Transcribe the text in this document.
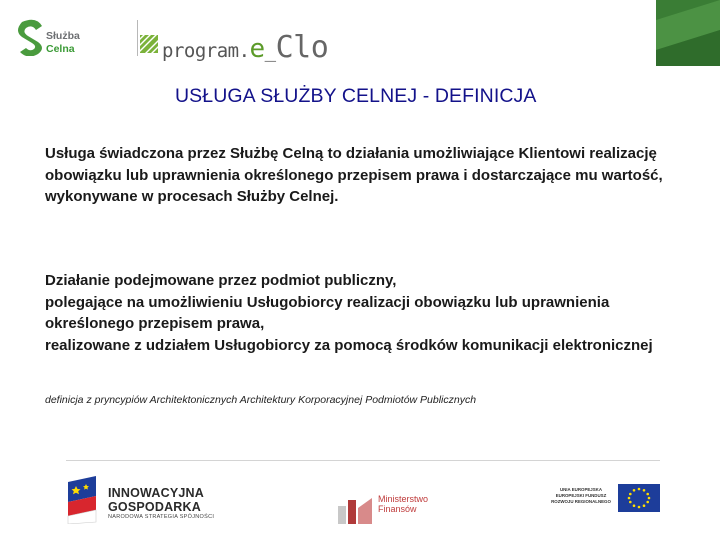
Służba
Celna	program.e_Clo
USŁUGA SŁUŻBY CELNEJ - DEFINICJA
Usługa świadczona przez Służbę Celną to działania umożliwiające Klientowi realizację obowiązku lub uprawnienia określonego przepisem prawa i dostarczające mu wartość, wykonywane w procesach Służby Celnej.
Działanie podejmowane przez podmiot publiczny,
polegające na umożliwieniu Usługobiorcy realizacji obowiązku lub uprawnienia określonego przepisem prawa,
realizowane z udziałem Usługobiorcy za pomocą środków komunikacji elektronicznej
definicja z pryncypiów Architektonicznych Architektury Korporacyjnej Podmiotów Publicznych
INNOWACYJNA
GOSPODARKA
NARODOWA STRATEGIA SPÓJNOŚCI
Ministerstwo
Finansów
UNIA EUROPEJSKA
EUROPEJSKI FUNDUSZ
ROZWOJU REGIONALNEGO
